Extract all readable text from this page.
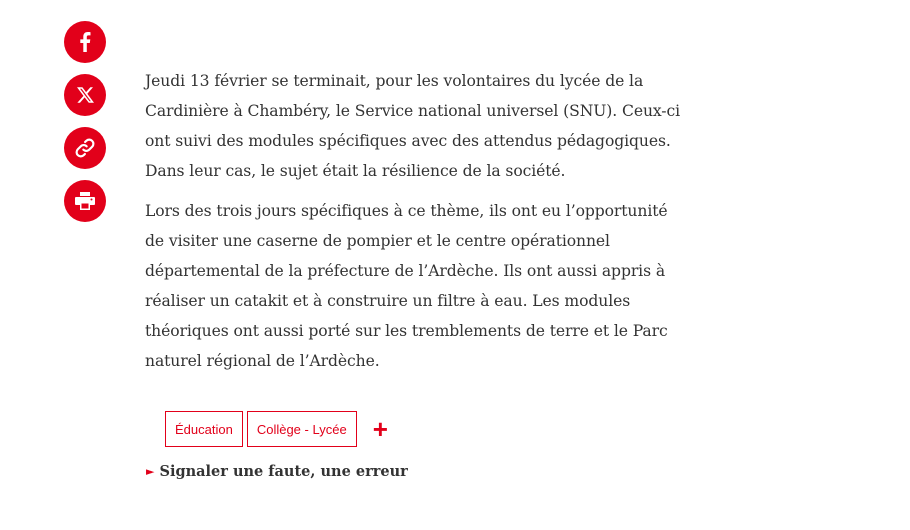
Jeudi 13 février se terminait, pour les volontaires du lycée de la Cardinière à Chambéry, le Service national universel (SNU). Ceux-ci ont suivi des modules spécifiques avec des attendus pédagogiques. Dans leur cas, le sujet était la résilience de la société.

Lors des trois jours spécifiques à ce thème, ils ont eu l’opportunité de visiter une caserne de pompier et le centre opérationnel départemental de la préfecture de l’Ardèche. Ils ont aussi appris à réaliser un catakit et à construire un filtre à eau. Les modules théoriques ont aussi porté sur les tremblements de terre et le Parc naturel régional de l’Ardèche.

Éducation	Collège - Lycée	+
► Signaler une faute, une erreur
